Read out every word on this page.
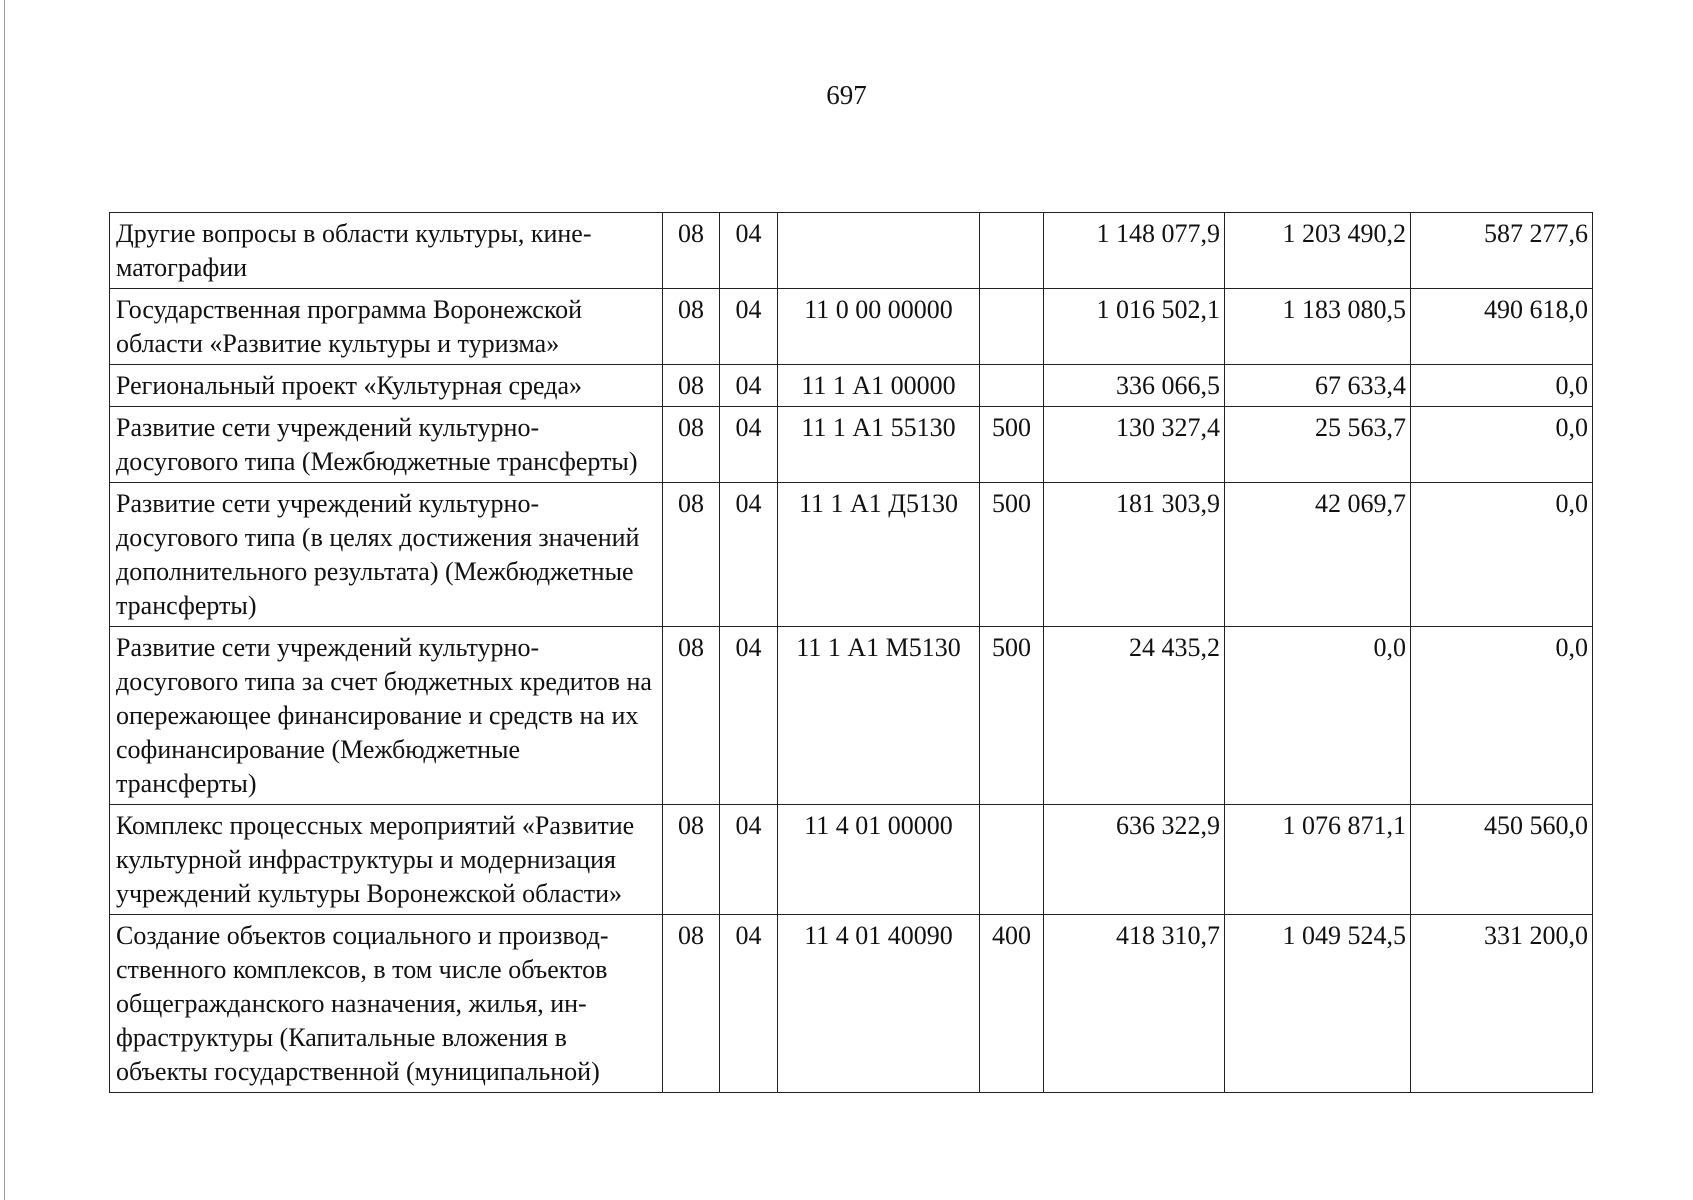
697
Другие вопросы в области культуры, кинематографии	08	04			1 148 077,9	1 203 490,2	587 277,6
Государственная программа Воронежской области «Развитие культуры и туризма»	08	04	11 0 00 00000		1 016 502,1	1 183 080,5	490 618,0
Региональный проект «Культурная среда»	08	04	11 1 А1 00000		336 066,5	67 633,4	0,0
Развитие сети учреждений культурно-досугового типа (Межбюджетные трансферты)	08	04	11 1 А1 55130	500	130 327,4	25 563,7	0,0
Развитие сети учреждений культурно-досугового типа (в целях достижения значений дополнительного результата) (Межбюджетные трансферты)	08	04	11 1 А1 Д5130	500	181 303,9	42 069,7	0,0
Развитие сети учреждений культурно-досугового типа за счет бюджетных кредитов на опережающее финансирование и средств на их софинансирование (Межбюджетные трансферты)	08	04	11 1 А1 М5130	500	24 435,2	0,0	0,0
Комплекс процессных мероприятий «Развитие культурной инфраструктуры и модернизация учреждений культуры Воронежской области»	08	04	11 4 01 00000		636 322,9	1 076 871,1	450 560,0
Создание объектов социального и производственного комплексов, в том числе объектов общегражданского назначения, жилья, инфраструктуры (Капитальные вложения в объекты государственной (муниципальной)	08	04	11 4 01 40090	400	418 310,7	1 049 524,5	331 200,0
